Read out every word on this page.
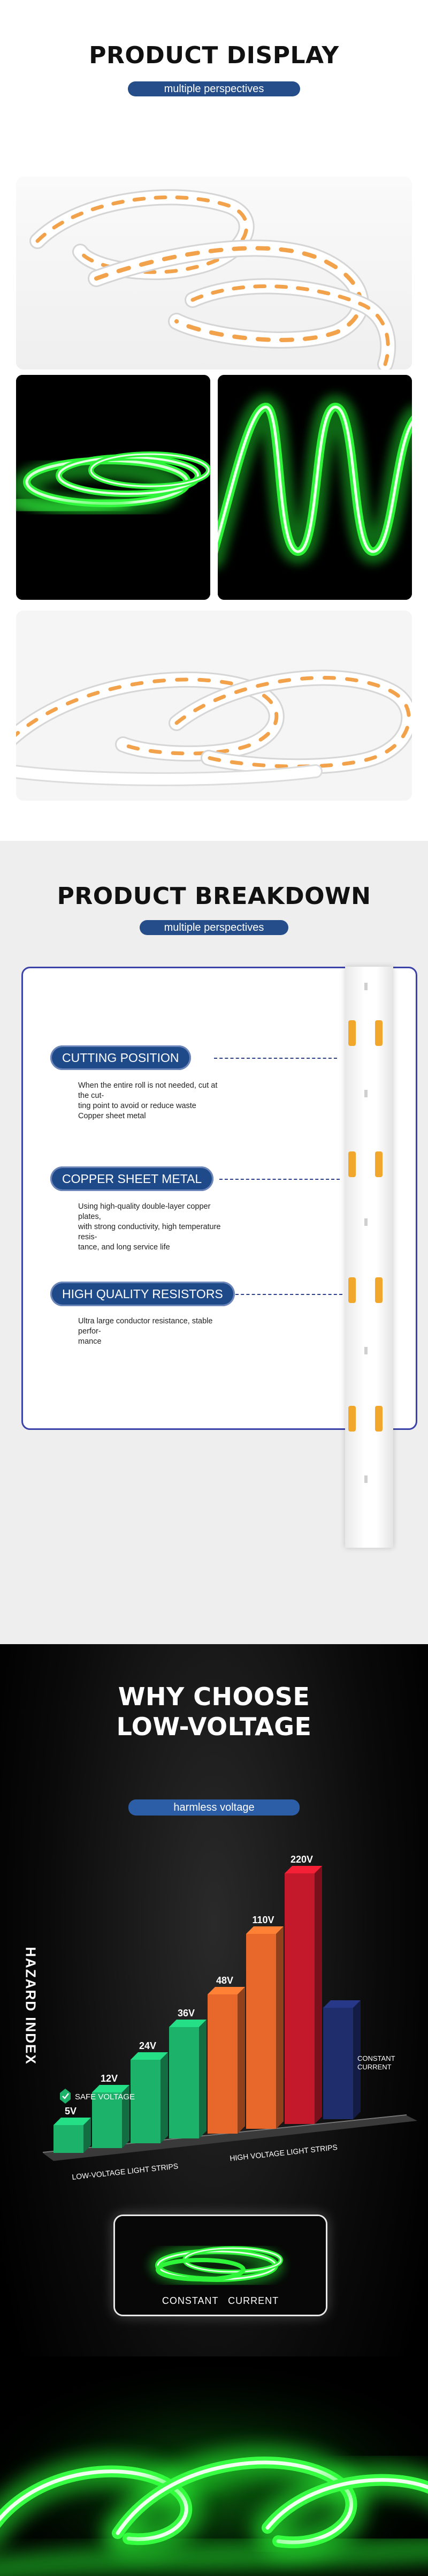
PRODUCT DISPLAY
multiple perspectives
PRODUCT BREAKDOWN
multiple perspectives
CUTTING POSITION
When the entire roll is not needed, cut at the cut-
ting point to avoid or reduce waste
Copper sheet metal
COPPER SHEET METAL
Using high-quality double-layer copper plates,
with strong conductivity, high temperature resis-
tance, and long service life
HIGH QUALITY RESISTORS
Ultra large conductor resistance, stable perfor-
mance
WHY CHOOSE
LOW-VOLTAGE
harmless voltage
HAZARD INDEX
5V
12V
24V
36V
48V
110V
220V
SAFE VOLTAGE
LOW-VOLTAGE LIGHT STRIPS
HIGH VOLTAGE LIGHT STRIPS
CONSTANT
CURRENT
CONSTANT   CURRENT
